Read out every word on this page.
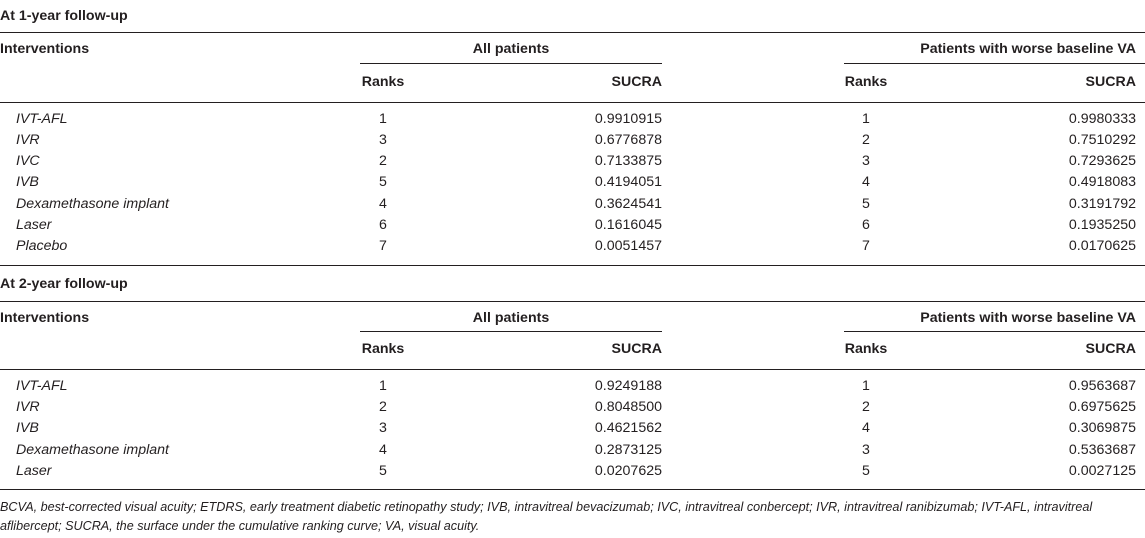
At 1-year follow-up
Interventions	All patients	Patients with worse baseline VA
Ranks	SUCRA	Ranks	SUCRA
IVT-AFL	1	0.9910915	1	0.9980333
IVR	3	0.6776878	2	0.7510292
IVC	2	0.7133875	3	0.7293625
IVB	5	0.4194051	4	0.4918083
Dexamethasone implant	4	0.3624541	5	0.3191792
Laser	6	0.1616045	6	0.1935250
Placebo	7	0.0051457	7	0.0170625
At 2-year follow-up
Interventions	All patients	Patients with worse baseline VA
Ranks	SUCRA	Ranks	SUCRA
IVT-AFL	1	0.9249188	1	0.9563687
IVR	2	0.8048500	2	0.6975625
IVB	3	0.4621562	4	0.3069875
Dexamethasone implant	4	0.2873125	3	0.5363687
Laser	5	0.0207625	5	0.0027125
BCVA, best-corrected visual acuity; ETDRS, early treatment diabetic retinopathy study; IVB, intravitreal bevacizumab; IVC, intravitreal conbercept; IVR, intravitreal ranibizumab; IVT-AFL, intravitreal aflibercept; SUCRA, the surface under the cumulative ranking curve; VA, visual acuity.
